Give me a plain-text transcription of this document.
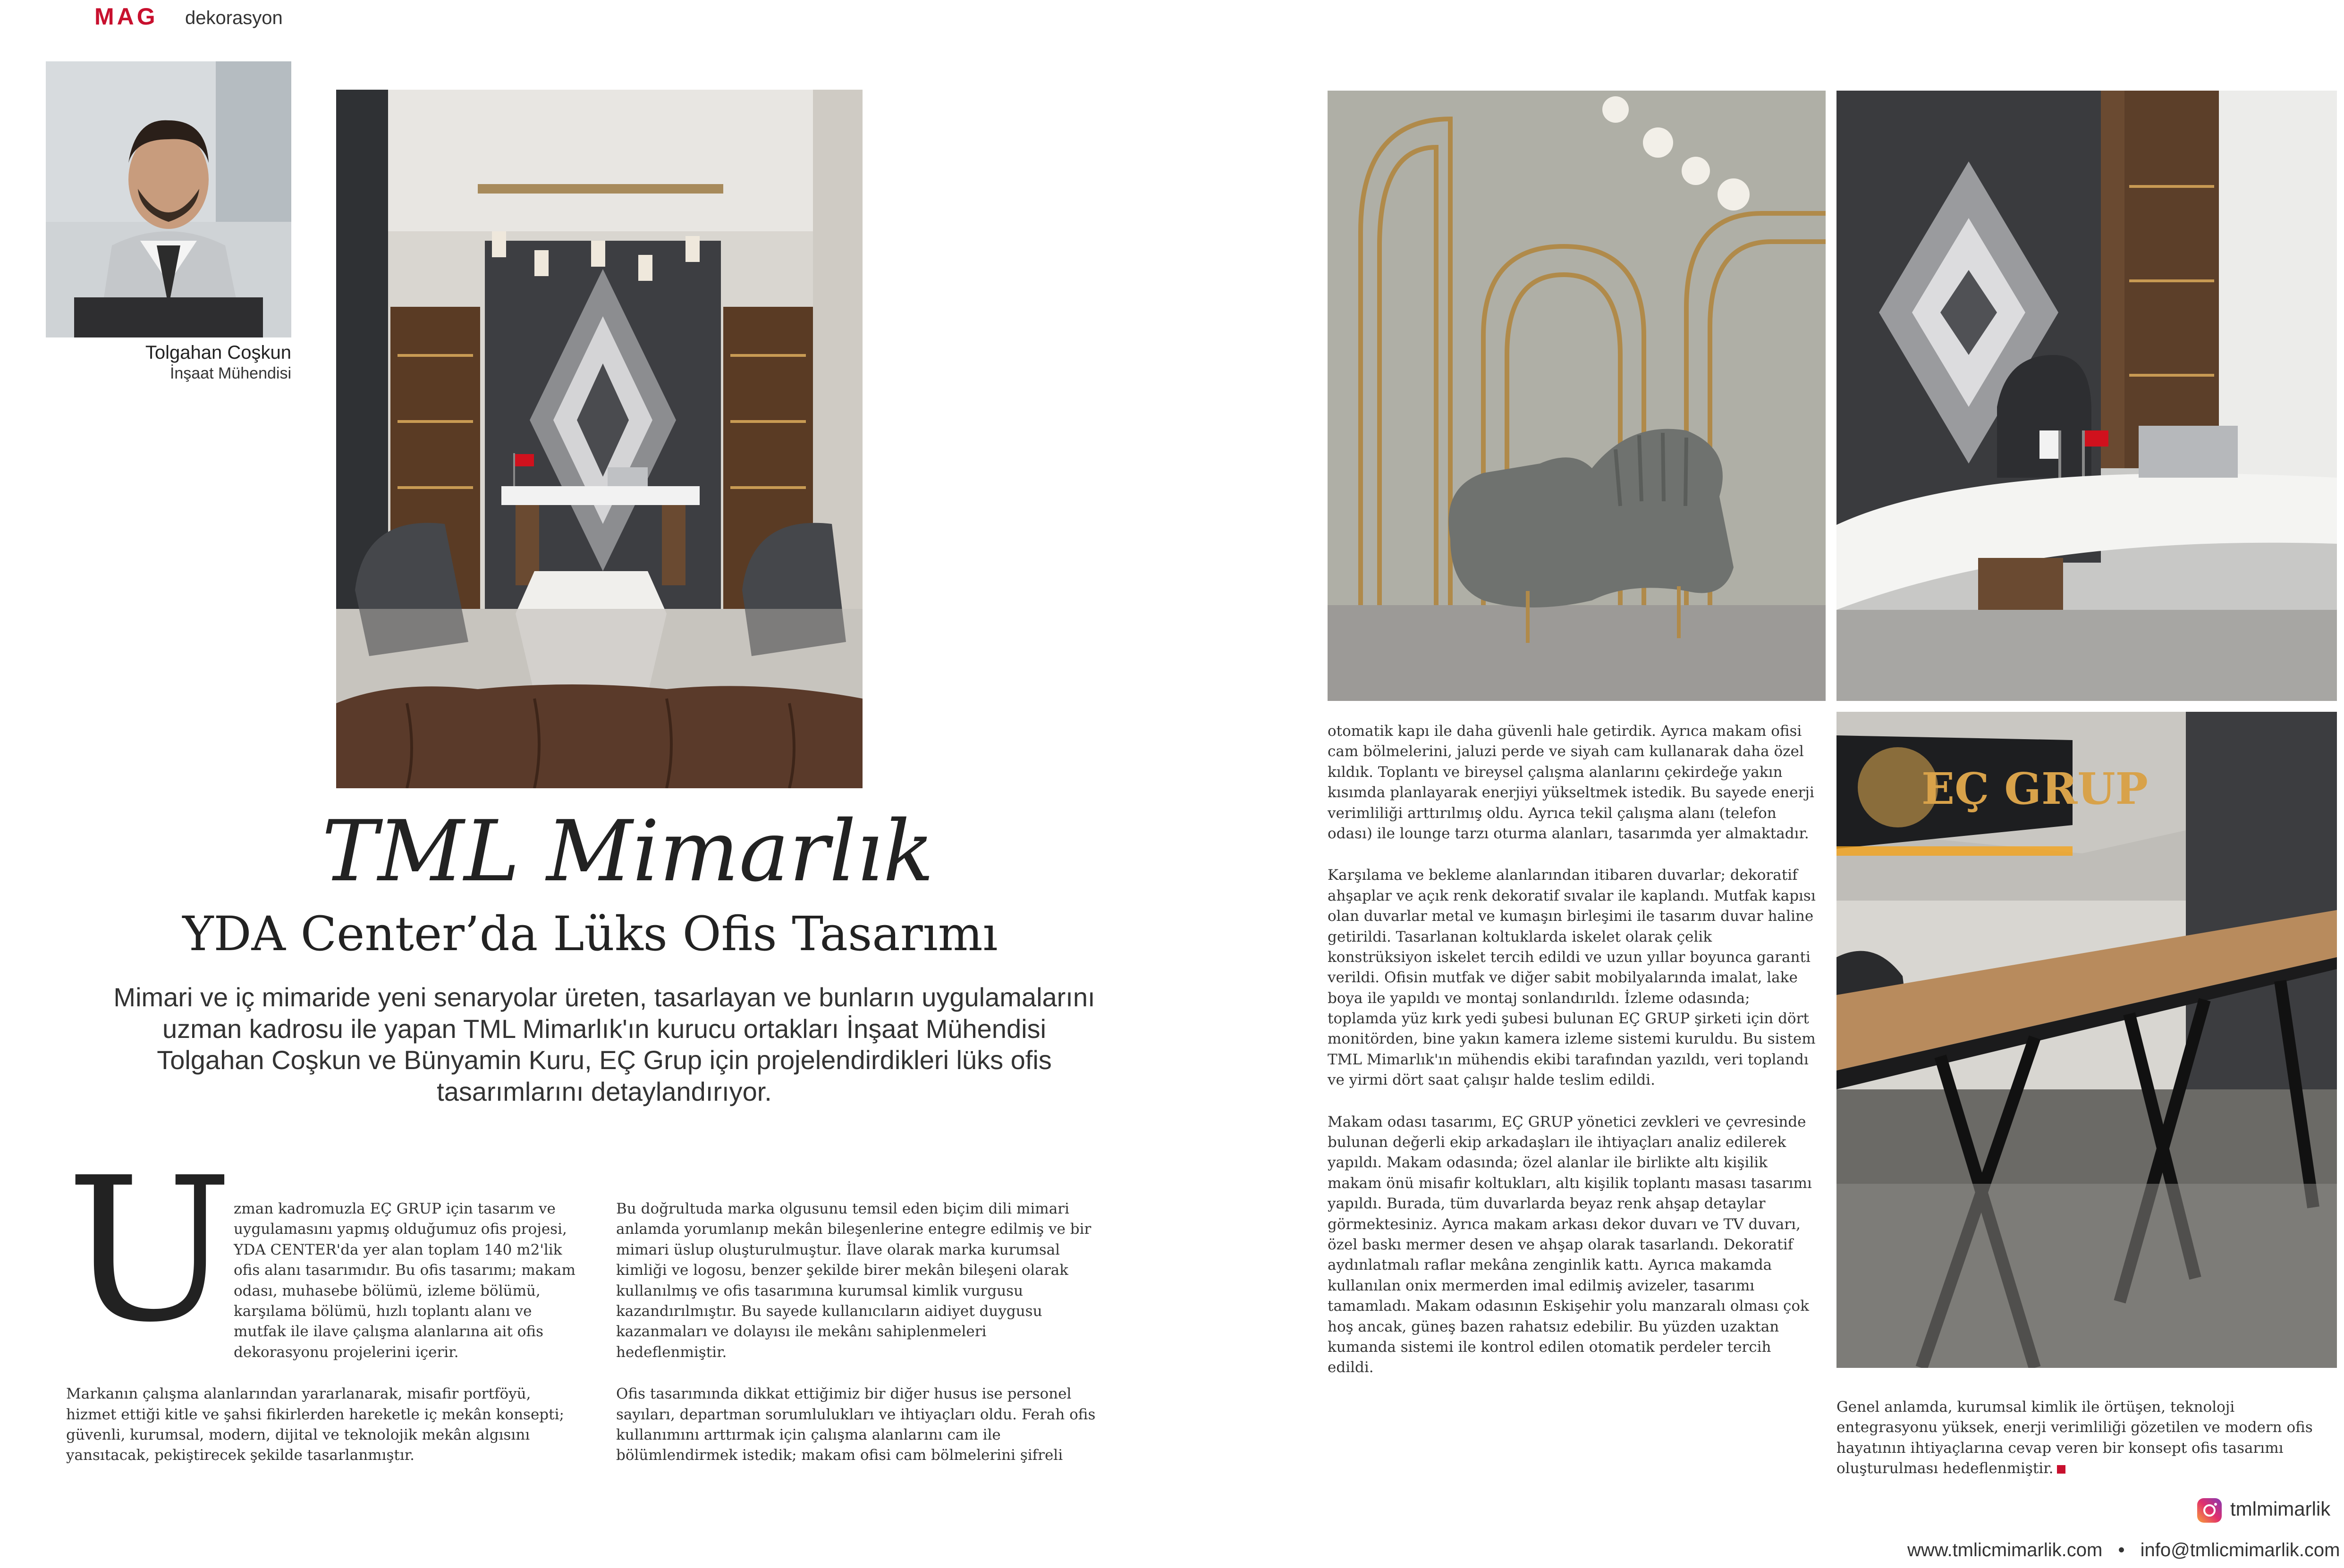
MAG dekorasyon
Tolgahan Coşkun
İnşaat Mühendisi
TML Mimarlık
YDA Center’da Lüks Ofis Tasarımı
Mimari ve iç mimaride yeni senaryolar üreten, tasarlayan ve bunların uygulamalarını uzman kadrosu ile yapan TML Mimarlık'ın kurucu ortakları İnşaat Mühendisi Tolgahan Coşkun ve Bünyamin Kuru, EÇ Grup için projelendirdikleri lüks ofis tasarımlarını detaylandırıyor.
U zman kadromuzla EÇ GRUP için tasarım ve uygulamasını yapmış olduğumuz ofis projesi, YDA CENTER'da yer alan toplam 140 m2'lik ofis alanı tasarımıdır. Bu ofis tasarımı; makam odası, muhasebe bölümü, izleme bölümü, karşılama bölümü, hızlı toplantı alanı ve mutfak ile ilave çalışma alanlarına ait ofis dekorasyonu projelerini içerir.

Markanın çalışma alanlarından yararlanarak, misafir portföyü, hizmet ettiği kitle ve şahsi fikirlerden hareketle iç mekân konsepti; güvenli, kurumsal, modern, dijital ve teknolojik mekân algısını yansıtacak, pekiştirecek şekilde tasarlanmıştır.

Bu doğrultuda marka olgusunu temsil eden biçim dili mimari anlamda yorumlanıp mekân bileşenlerine entegre edilmiş ve bir mimari üslup oluşturulmuştur. İlave olarak marka kurumsal kimliği ve logosu, benzer şekilde birer mekân bileşeni olarak kullanılmış ve ofis tasarımına kurumsal kimlik vurgusu kazandırılmıştır. Bu sayede kullanıcıların aidiyet duygusu kazanmaları ve dolayısı ile mekânı sahiplenmeleri hedeflenmiştir.

Ofis tasarımında dikkat ettiğimiz bir diğer husus ise personel sayıları, departman sorumlulukları ve ihtiyaçları oldu. Ferah ofis kullanımını arttırmak için çalışma alanlarını cam ile bölümlendirmek istedik; makam ofisi cam bölmelerini şifreli

EÇ GRUP

otomatik kapı ile daha güvenli hale getirdik. Ayrıca makam ofisi cam bölmelerini, jaluzi perde ve siyah cam kullanarak daha özel kıldık. Toplantı ve bireysel çalışma alanlarını çekirdeğe yakın kısımda planlayarak enerjiyi yükseltmek istedik. Bu sayede enerji verimliliği arttırılmış oldu. Ayrıca tekil çalışma alanı (telefon odası) ile lounge tarzı oturma alanları, tasarımda yer almaktadır.

Karşılama ve bekleme alanlarından itibaren duvarlar; dekoratif ahşaplar ve açık renk dekoratif sıvalar ile kaplandı. Mutfak kapısı olan duvarlar metal ve kumaşın birleşimi ile tasarım duvar haline getirildi. Tasarlanan koltuklarda iskelet olarak çelik konstrüksiyon iskelet tercih edildi ve uzun yıllar boyunca garanti verildi. Ofisin mutfak ve diğer sabit mobilyalarında imalat, lake boya ile yapıldı ve montaj sonlandırıldı. İzleme odasında; toplamda yüz kırk yedi şubesi bulunan EÇ GRUP şirketi için dört monitörden, bine yakın kamera izleme sistemi kuruldu. Bu sistem TML Mimarlık'ın mühendis ekibi tarafından yazıldı, veri toplandı ve yirmi dört saat çalışır halde teslim edildi.

Makam odası tasarımı, EÇ GRUP yönetici zevkleri ve çevresinde bulunan değerli ekip arkadaşları ile ihtiyaçları analiz edilerek yapıldı. Makam odasında; özel alanlar ile birlikte altı kişilik makam önü misafir koltukları, altı kişilik toplantı masası tasarımı yapıldı. Burada, tüm duvarlarda beyaz renk ahşap detaylar görmektesiniz. Ayrıca makam arkası dekor duvarı ve TV duvarı, özel baskı mermer desen ve ahşap olarak tasarlandı. Dekoratif aydınlatmalı raflar mekâna zenginlik kattı. Ayrıca makamda kullanılan onix mermerden imal edilmiş avizeler, tasarımı tamamladı. Makam odasının Eskişehir yolu manzaralı olması çok hoş ancak, güneş bazen rahatsız edebilir. Bu yüzden uzaktan kumanda sistemi ile kontrol edilen otomatik perdeler tercih edildi.

Genel anlamda, kurumsal kimlik ile örtüşen, teknoloji entegrasyonu yüksek, enerji verimliliği gözetilen ve modern ofis hayatının ihtiyaçlarına cevap veren bir konsept ofis tasarımı oluşturulması hedeflenmiştir.

tmlmimarlik
www.tmlicmimarlik.com • info@tmlicmimarlik.com
